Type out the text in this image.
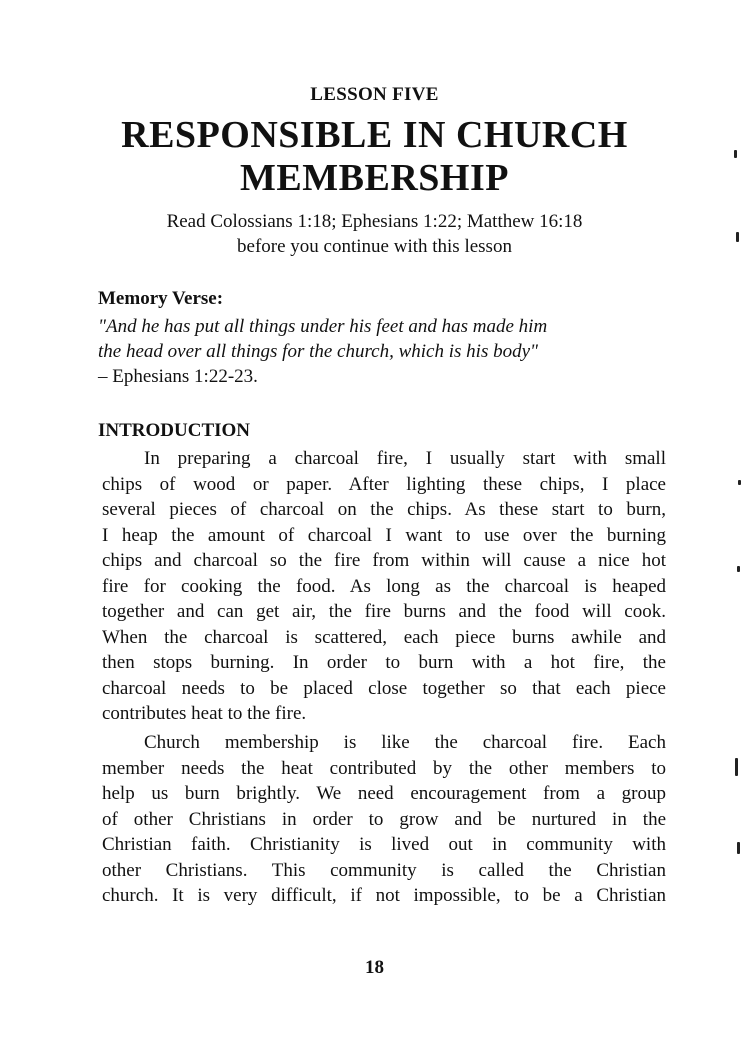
LESSON FIVE
RESPONSIBLE IN CHURCH
MEMBERSHIP
Read Colossians 1:18; Ephesians 1:22; Matthew 16:18
before you continue with this lesson
Memory Verse:
"And he has put all things under his feet and has made him
the head over all things for the church, which is his body"
– Ephesians 1:22-23.
INTRODUCTION
In preparing a charcoal fire, I usually start with small
chips of wood or paper. After lighting these chips, I place
several pieces of charcoal on the chips. As these start to burn,
I heap the amount of charcoal I want to use over the burning
chips and charcoal so the fire from within will cause a nice hot
fire for cooking the food. As long as the charcoal is heaped
together and can get air, the fire burns and the food will cook.
When the charcoal is scattered, each piece burns awhile and
then stops burning. In order to burn with a hot fire, the
charcoal needs to be placed close together so that each piece
contributes heat to the fire.
Church membership is like the charcoal fire. Each
member needs the heat contributed by the other members to
help us burn brightly. We need encouragement from a group
of other Christians in order to grow and be nurtured in the
Christian faith. Christianity is lived out in community with
other Christians. This community is called the Christian
church. It is very difficult, if not impossible, to be a Christian
18
